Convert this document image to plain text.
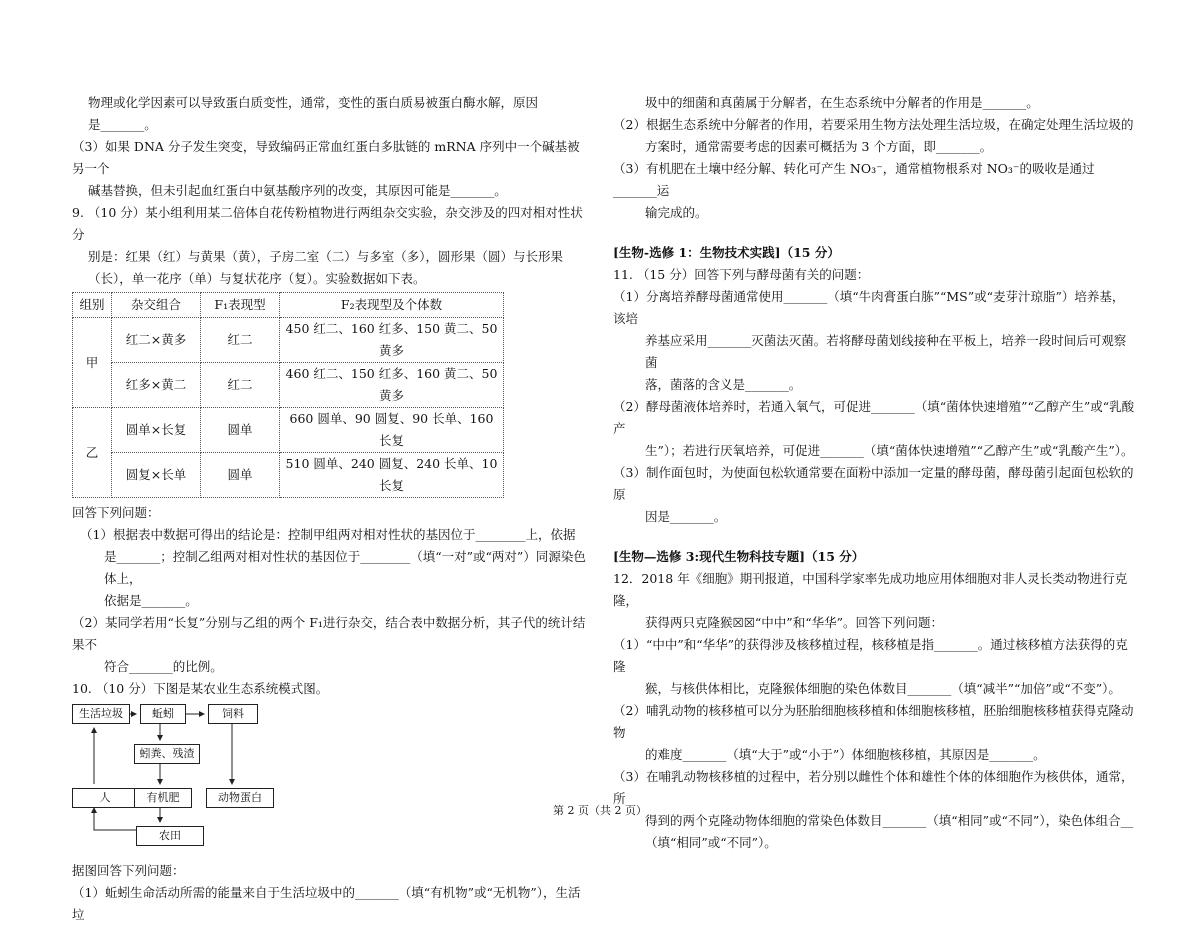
物理或化学因素可以导致蛋白质变性，通常，变性的蛋白质易被蛋白酶水解，原因

是_______。

（3）如果 DNA 分子发生突变，导致编码正常血红蛋白多肽链的 mRNA 序列中一个碱基被另一个

碱基替换，但未引起血红蛋白中氨基酸序列的改变，其原因可能是_______。

9. （10 分）某小组利用某二倍体自花传粉植物进行两组杂交实验，杂交涉及的四对相对性状分

别是：红果（红）与黄果（黄），子房二室（二）与多室（多），圆形果（圆）与长形果

（长），单一花序（单）与复状花序（复）。实验数据如下表。

组别	杂交组合	F₁表现型	F₂表现型及个体数
甲	红二×黄多	红二	450 红二、160 红多、150 黄二、50 黄多
	红多×黄二	红二	460 红二、150 红多、160 黄二、50 黄多
乙	圆单×长复	圆单	660 圆单、90 圆复、90 长单、160 长复
	圆复×长单	圆单	510 圆单、240 圆复、240 长单、10 长复

回答下列问题：

（1）根据表中数据可得出的结论是：控制甲组两对相对性状的基因位于________上，依据

是_______；控制乙组两对相对性状的基因位于________（填“一对”或“两对”）同源染色体上，

依据是_______。

（2）某同学若用“长复”分别与乙组的两个 F₁进行杂交，结合表中数据分析，其子代的统计结果不

符合_______的比例。

10. （10 分）下图是某农业生态系统模式图。

生活垃圾	蚯蚓	饲料
蚓粪、残渣
人	有机肥	动物蛋白
农田

据图回答下列问题：

（1）蚯蚓生命活动所需的能量来自于生活垃圾中的_______（填“有机物”或“无机物”），生活垃

圾中的细菌和真菌属于分解者，在生态系统中分解者的作用是_______。

（2）根据生态系统中分解者的作用，若要采用生物方法处理生活垃圾，在确定处理生活垃圾的

方案时，通常需要考虑的因素可概括为 3 个方面，即_______。

（3）有机肥在土壤中经分解、转化可产生 NO₃⁻，通常植物根系对 NO₃⁻的吸收是通过_______运

输完成的。

[生物-选修 1：生物技术实践]（15 分）

11. （15 分）回答下列与酵母菌有关的问题：

（1）分离培养酵母菌通常使用_______（填“牛肉膏蛋白胨”“MS”或“麦芽汁琼脂”）培养基，该培

养基应采用_______灭菌法灭菌。若将酵母菌划线接种在平板上，培养一段时间后可观察菌

落，菌落的含义是_______。

（2）酵母菌液体培养时，若通入氧气，可促进_______（填“菌体快速增殖”“乙醇产生”或“乳酸产

生”）；若进行厌氧培养，可促进_______（填“菌体快速增殖”“乙醇产生”或“乳酸产生”）。

（3）制作面包时，为使面包松软通常要在面粉中添加一定量的酵母菌，酵母菌引起面包松软的原

因是_______。

[生物—选修 3:现代生物科技专题]（15 分）

12．2018 年《细胞》期刊报道，中国科学家率先成功地应用体细胞对非人灵长类动物进行克隆，

获得两只克隆猴☒☒“中中”和“华华”。回答下列问题：

（1）“中中”和“华华”的获得涉及核移植过程，核移植是指_______。通过核移植方法获得的克隆

猴，与核供体相比，克隆猴体细胞的染色体数目_______（填“减半”“加倍”或“不变”）。

（2）哺乳动物的核移植可以分为胚胎细胞核移植和体细胞核移植，胚胎细胞核移植获得克隆动物

的难度_______（填“大于”或“小于”）体细胞核移植，其原因是_______。

（3）在哺乳动物核移植的过程中，若分别以雌性个体和雄性个体的体细胞作为核供体，通常，所

得到的两个克隆动物体细胞的常染色体数目_______（填“相同”或“不同”），染色体组合__

（填“相同”或“不同”）。

第 2 页（共 2 页）
